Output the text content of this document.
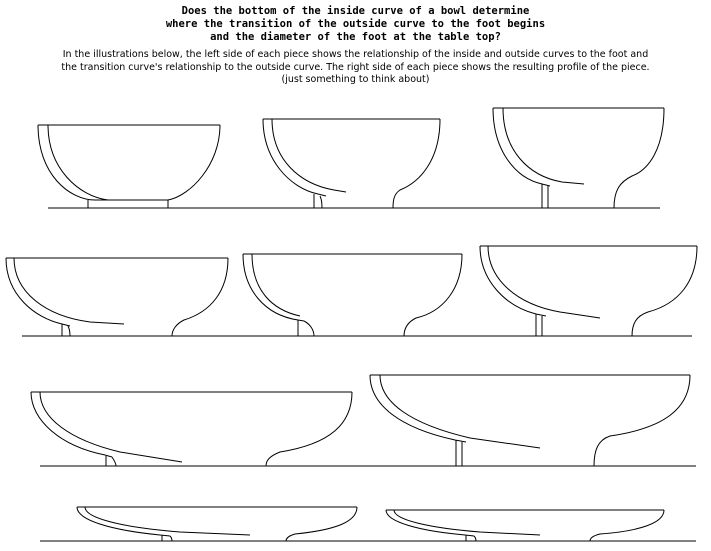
Does the bottom of the inside curve of a bowl determine
where the transition of the outside curve to the foot begins
and the diameter of the foot at the table top?
In the illustrations below, the left side of each piece shows the relationship of the inside and outside curves to the foot and
the transition curve's relationship to the outside curve. The right side of each piece shows the resulting profile of the piece.
(just something to think about)
